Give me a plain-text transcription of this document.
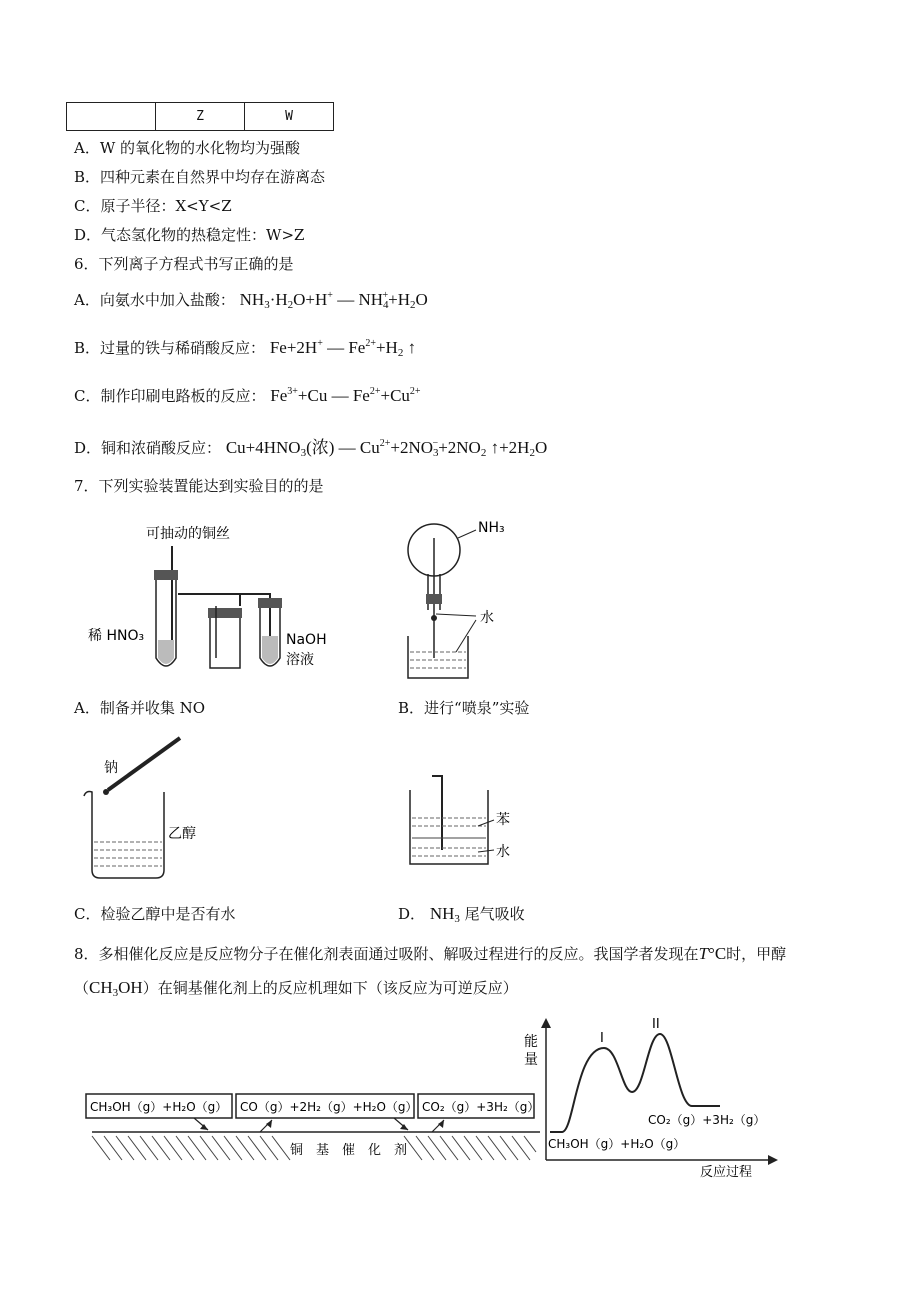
	Z	W
A．W 的氧化物的水化物均为强酸
B．四种元素在自然界中均存在游离态
C．原子半径：X<Y<Z
D．气态氢化物的热稳定性：W>Z
6．下列离子方程式书写正确的是
A．向氨水中加入盐酸： $NH_3\cdot H_2O+H^+$ — $NH_4^++H_2O$
B．过量的铁与稀硝酸反应： Fe+2H+ — $Fe^{2+}+H_2$ ↑
C．制作印刷电路板的反应： $Fe^{3+}+Cu$ — $Fe^{2+}+Cu^{2+}$
D．铜和浓硝酸反应： $Cu+4HNO_3$(浓) — $Cu^{2+}+2NO_3^-+2NO_2$ $↑+2H_2O$
7．下列实验装置能达到实验目的的是
可抽动的铜丝
稀 HNO₃	NaOH
溶液
A．制备并收集 NO
NH₃
水
B．进行“喷泉”实验
钠
乙醇
C．检验乙醇中是否有水
苯
水
D． $NH_3$ 尾气吸收
8．多相催化反应是反应物分子在催化剂表面通过吸附、解吸过程进行的反应。我国学者发现在T°C时，甲醇
$(CH_3OH)$在铜基催化剂上的反应机理如下（该反应为可逆反应）
CH₃OH（g）+H₂O（g） CO（g）+2H₂（g）+H₂O（g） CO₂（g）+3H₂（g）
铜　基　催　化　剂
能
量
I
II
CO₂（g）+3H₂（g）
CH₃OH（g）+H₂O（g）
反应过程
